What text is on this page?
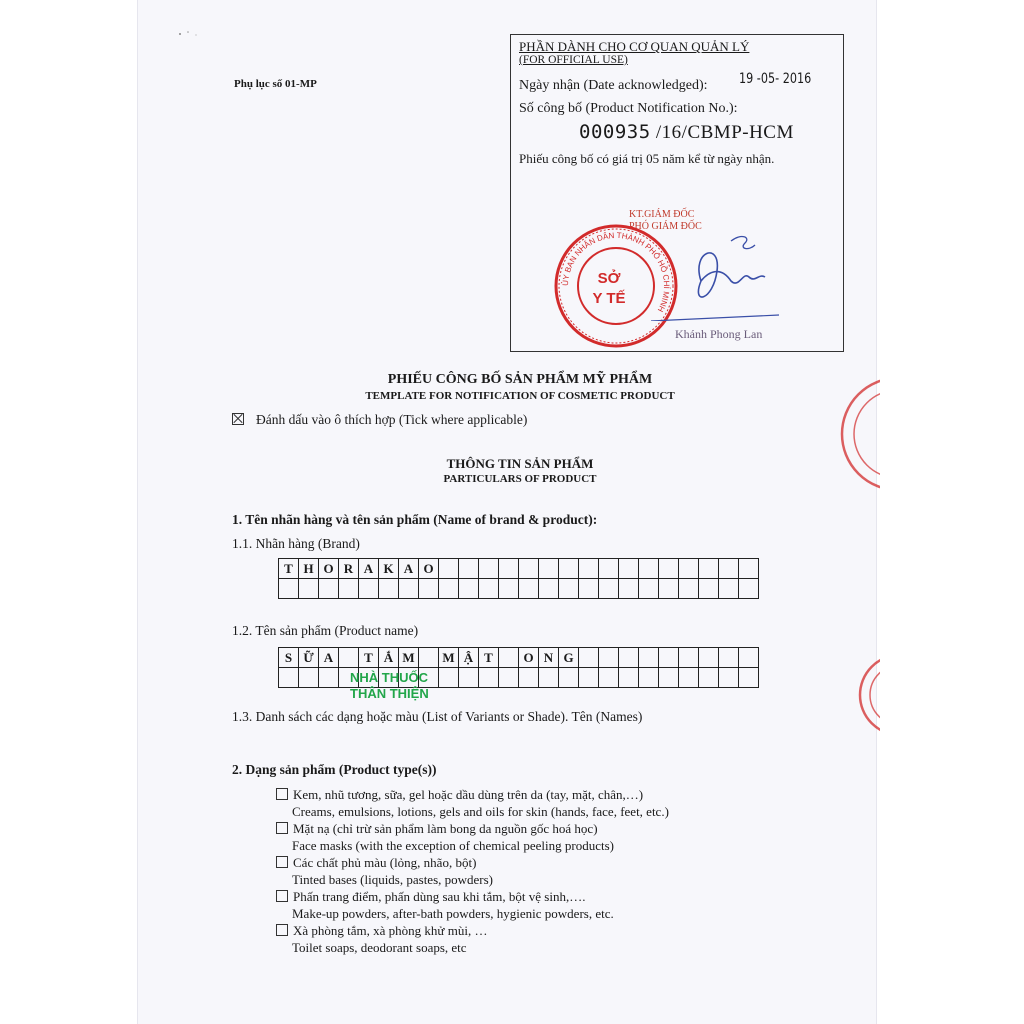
Phụ lục số 01-MP
PHẦN DÀNH CHO CƠ QUAN QUẢN LÝ
(FOR OFFICIAL USE)
Ngày nhận (Date acknowledged): 19 -05- 2016
Số công bố (Product Notification No.):
000935 /16/CBMP-HCM
Phiếu công bố có giá trị 05 năm kể từ ngày nhận.
KT.GIÁM ĐỐC
PHÓ GIÁM ĐỐC
ỦY BAN NHÂN DÂN THÀNH PHỐ HỒ CHÍ MINH
SỞ
Y TẾ
Khánh Phong Lan
PHIẾU CÔNG BỐ SẢN PHẨM MỸ PHẨM
TEMPLATE FOR NOTIFICATION OF COSMETIC PRODUCT
Đánh dấu vào ô thích hợp (Tick where applicable)
THÔNG TIN SẢN PHẨM
PARTICULARS OF PRODUCT
1. Tên nhãn hàng và tên sản phẩm (Name of brand & product):
1.1. Nhãn hàng (Brand)
T H O R A K A O
1.2. Tên sản phẩm (Product name)
S Ữ A	T Ắ M	M Ậ T	O N G
NHÀ THUỐC
THÂN THIỆN
1.3. Danh sách các dạng hoặc màu (List of Variants or Shade). Tên (Names)
2. Dạng sản phẩm (Product type(s))
Kem, nhũ tương, sữa, gel hoặc dầu dùng trên da (tay, mặt, chân,…)
Creams, emulsions, lotions, gels and oils for skin (hands, face, feet, etc.)
Mặt nạ (chỉ trừ sản phẩm làm bong da nguồn gốc hoá học)
Face masks (with the exception of chemical peeling products)
Các chất phủ màu (lỏng, nhão, bột)
Tinted bases (liquids, pastes, powders)
Phấn trang điểm, phấn dùng sau khi tắm, bột vệ sinh,….
Make-up powders, after-bath powders, hygienic powders, etc.
Xà phòng tắm, xà phòng khử mùi, …
Toilet soaps, deodorant soaps, etc
